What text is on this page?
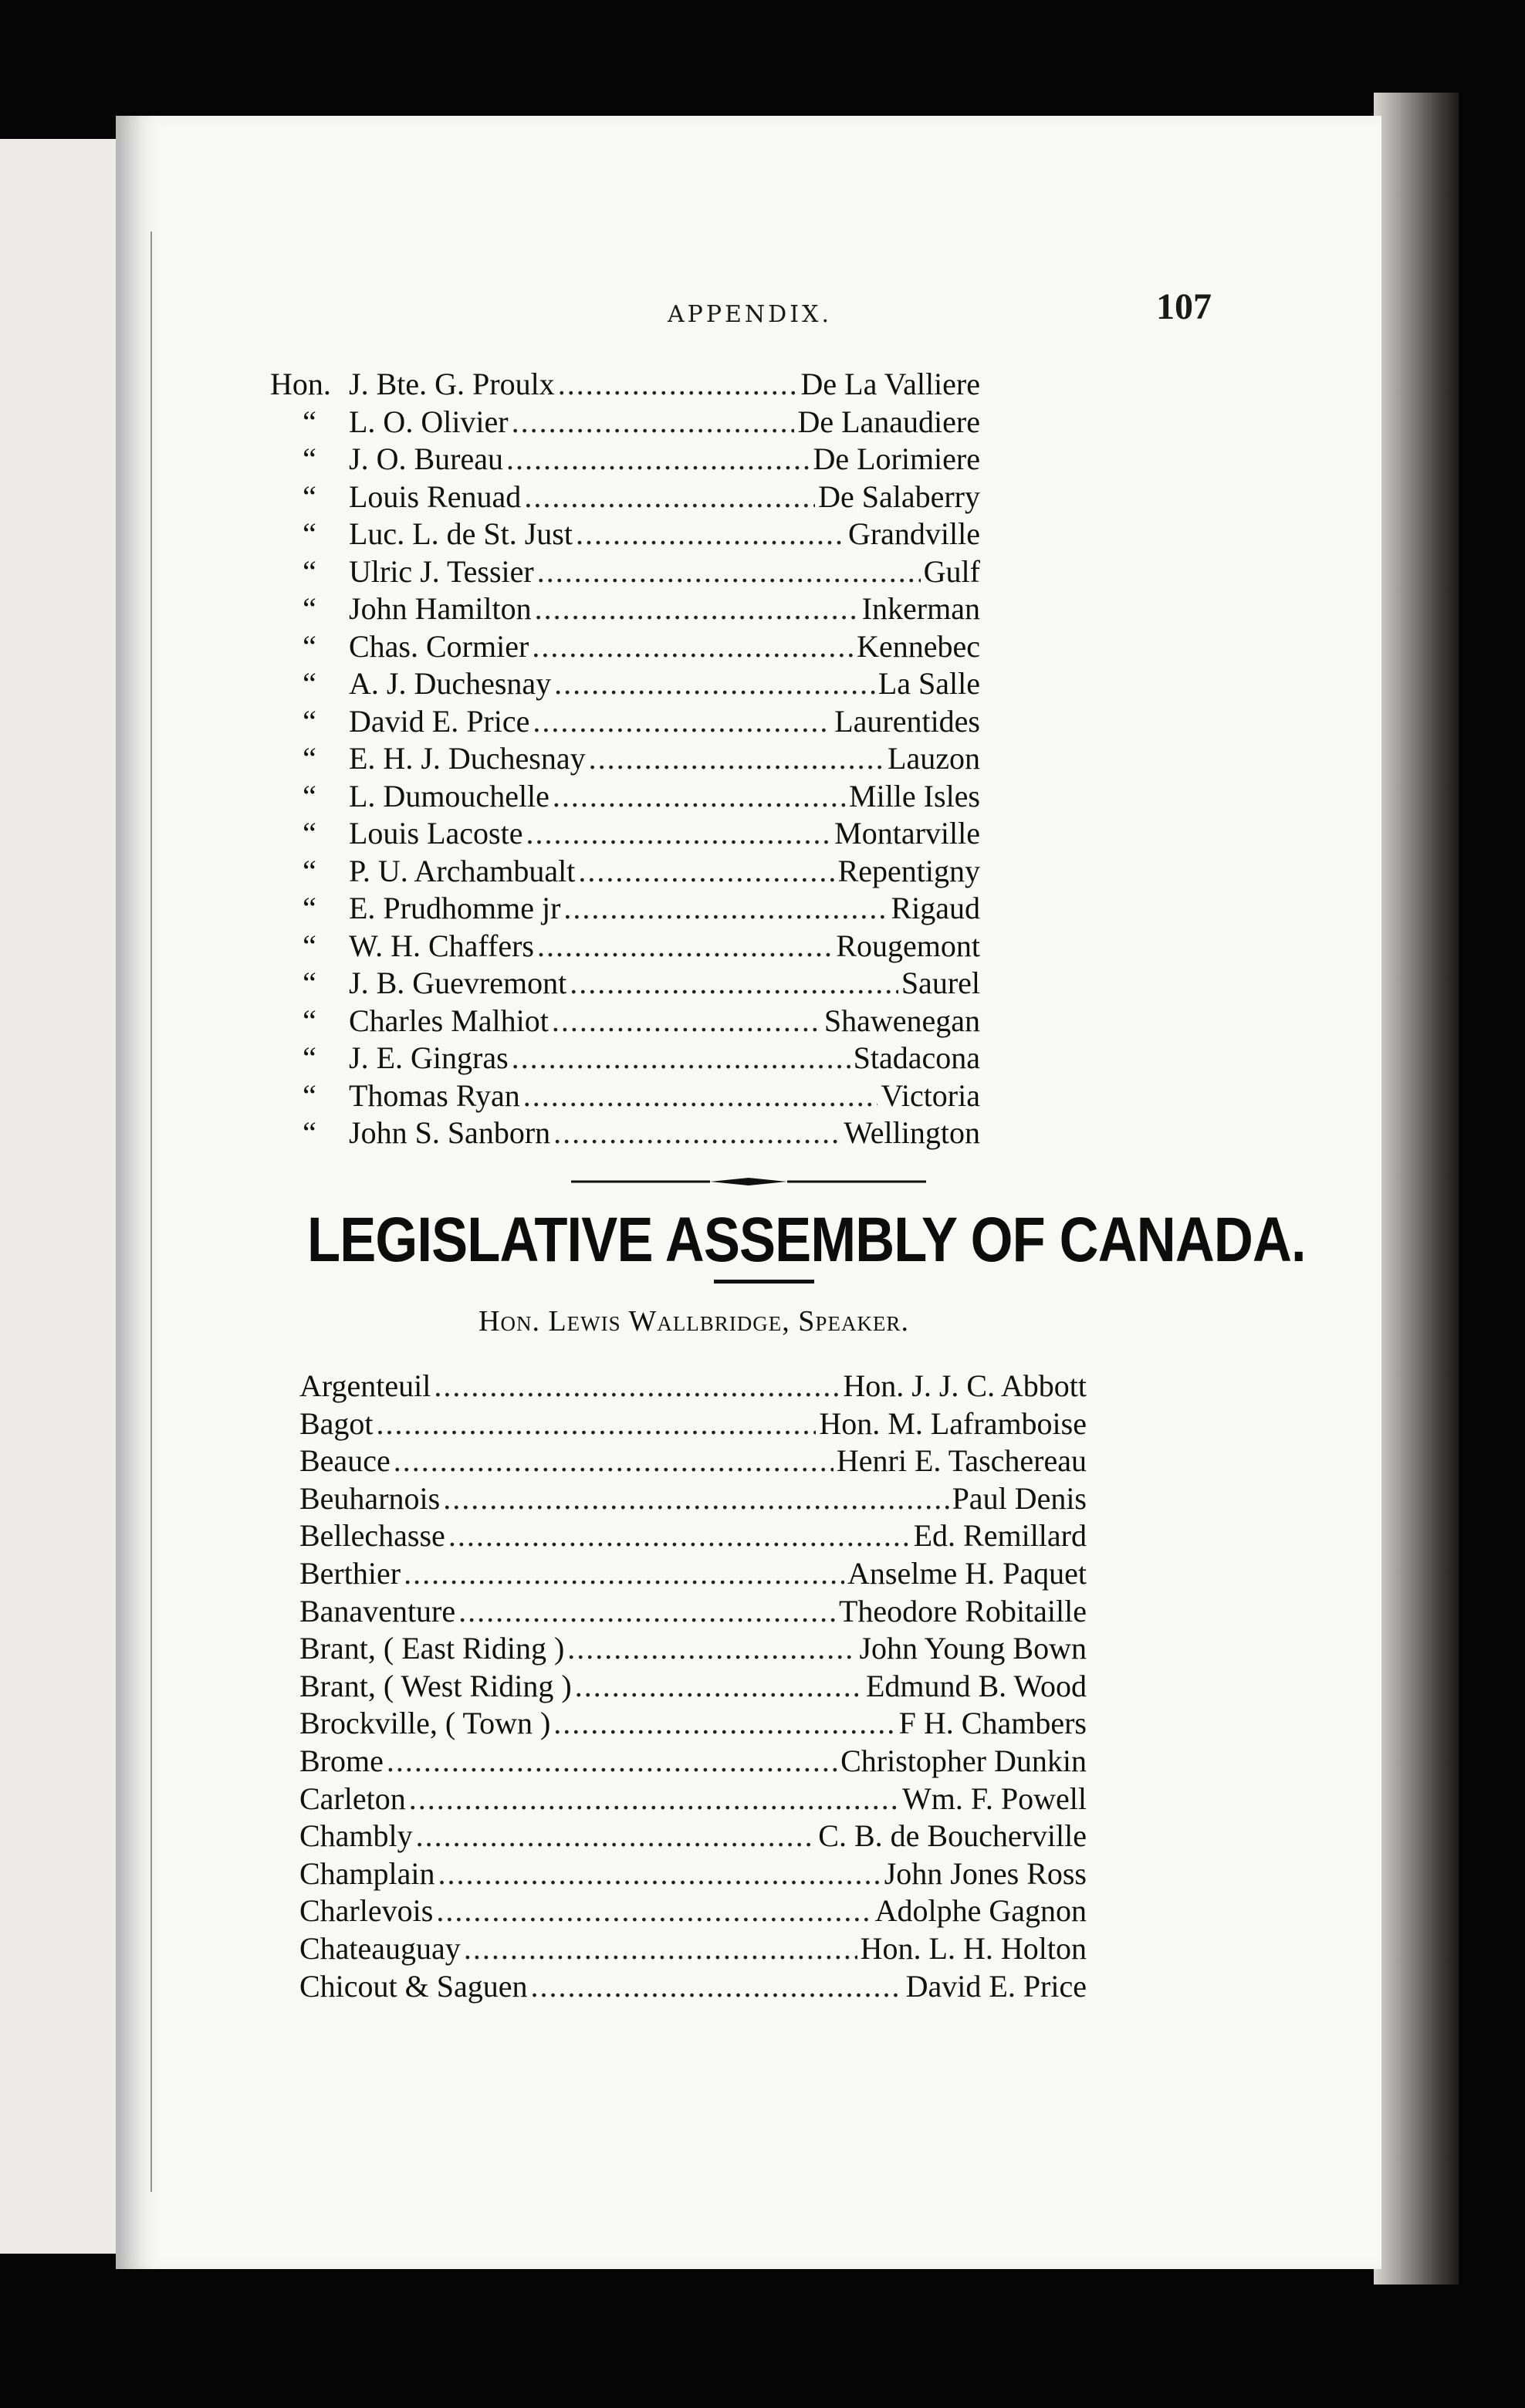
APPENDIX.	107
Hon. J. Bte. G. Proulx .....	De La Valliere
“	L. O. Olivier .....	De Lanaudiere
“	J. O. Bureau .....	De Lorimiere
“	Louis Renuad .....	De Salaberry
“	Luc. L. de St. Just .....	Grandville
“	Ulric J. Tessier .....	Gulf
“	John Hamilton .....	Inkerman
“	Chas. Cormier .....	Kennebec
“	A. J. Duchesnay .....	La Salle
“	David E. Price .....	Laurentides
“	E. H. J. Duchesnay .....	Lauzon
“	L. Dumouchelle .....	Mille Isles
“	Louis Lacoste .....	Montarville
“	P. U. Archambualt .....	Repentigny
“	E. Prudhomme jr .....	Rigaud
“	W. H. Chaffers .....	Rougemont
“	J. B. Guevremont .....	Saurel
“	Charles Malhiot .....	Shawenegan
“	J. E. Gingras .....	Stadacona
“	Thomas Ryan .....	Victoria
“	John S. Sanborn .....	Wellington
LEGISLATIVE ASSEMBLY OF CANADA.
Hon. Lewis Wallbridge, Speaker.
Argenteuil .....	Hon. J. J. C. Abbott
Bagot .....	Hon. M. Laframboise
Beauce .....	Henri E. Taschereau
Beuharnois .....	Paul Denis
Bellechasse .....	Ed. Remillard
Berthier .....	Anselme H. Paquet
Banaventure .....	Theodore Robitaille
Brant, ( East Riding ) .....	John Young Bown
Brant, ( West Riding ) .....	Edmund B. Wood
Brockville, ( Town ) .....	F H. Chambers
Brome .....	Christopher Dunkin
Carleton .....	Wm. F. Powell
Chambly .....	C. B. de Boucherville
Champlain .....	John Jones Ross
Charlevois .....	Adolphe Gagnon
Chateauguay .....	Hon. L. H. Holton
Chicout & Saguen .....	David E. Price
